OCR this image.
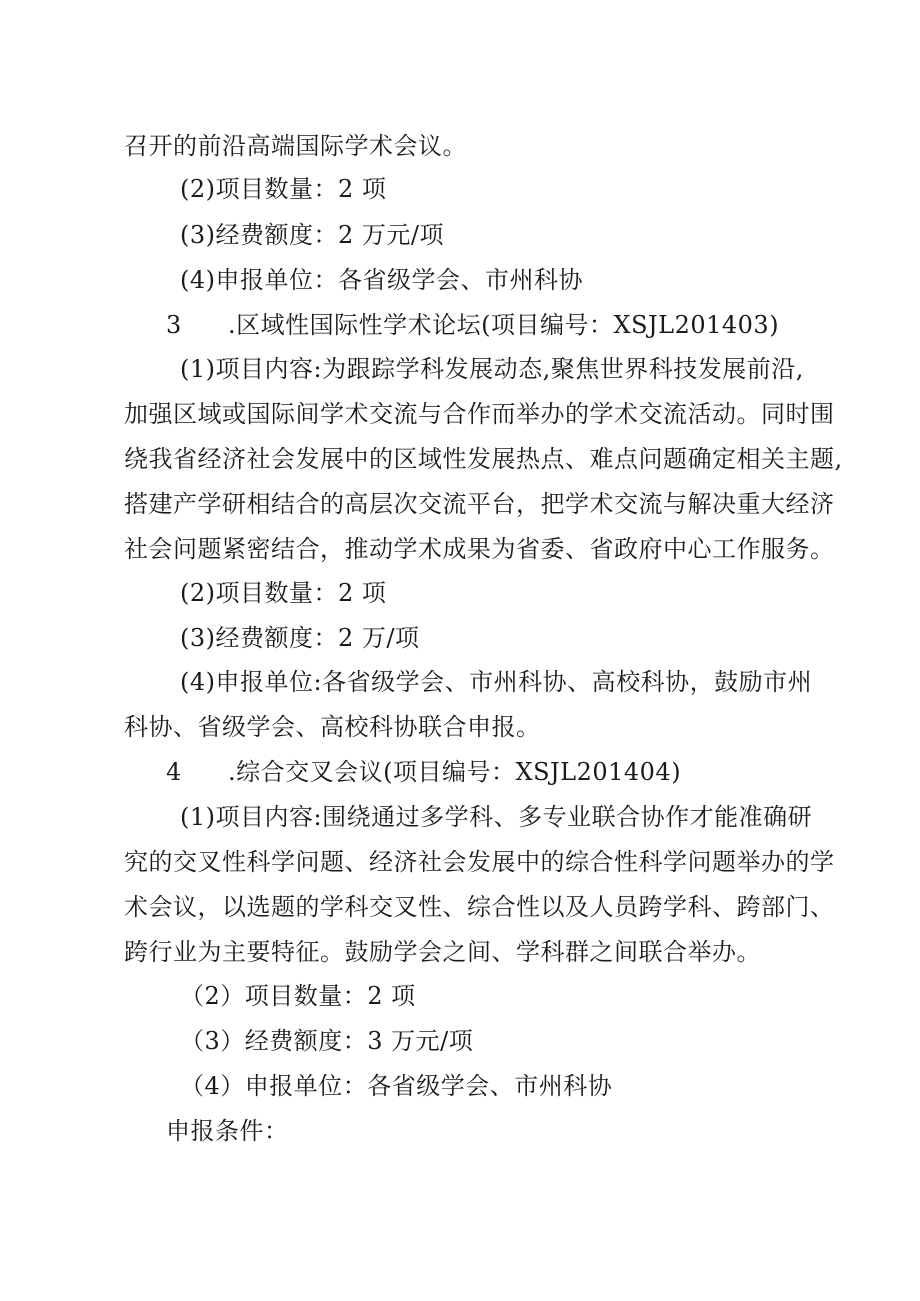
召开的前沿高端国际学术会议。
(2)项目数量：2 项
(3)经费额度：2 万元/项
(4)申报单位：各省级学会、市州科协
3 .区域性国际性学术论坛(项目编号：XSJL201403)
(1)项目内容:为跟踪学科发展动态,聚焦世界科技发展前沿,
加强区域或国际间学术交流与合作而举办的学术交流活动。同时围
绕我省经济社会发展中的区域性发展热点、难点问题确定相关主题,
搭建产学研相结合的高层次交流平台，把学术交流与解决重大经济
社会问题紧密结合，推动学术成果为省委、省政府中心工作服务。
(2)项目数量：2 项
(3)经费额度：2 万/项
(4)申报单位:各省级学会、市州科协、高校科协，鼓励市州
科协、省级学会、高校科协联合申报。
4 .综合交叉会议(项目编号：XSJL201404)
(1)项目内容:围绕通过多学科、多专业联合协作才能准确研
究的交叉性科学问题、经济社会发展中的综合性科学问题举办的学
术会议，以选题的学科交叉性、综合性以及人员跨学科、跨部门、
跨行业为主要特征。鼓励学会之间、学科群之间联合举办。
（2）项目数量：2 项
（3）经费额度：3 万元/项
（4）申报单位：各省级学会、市州科协
申报条件：
